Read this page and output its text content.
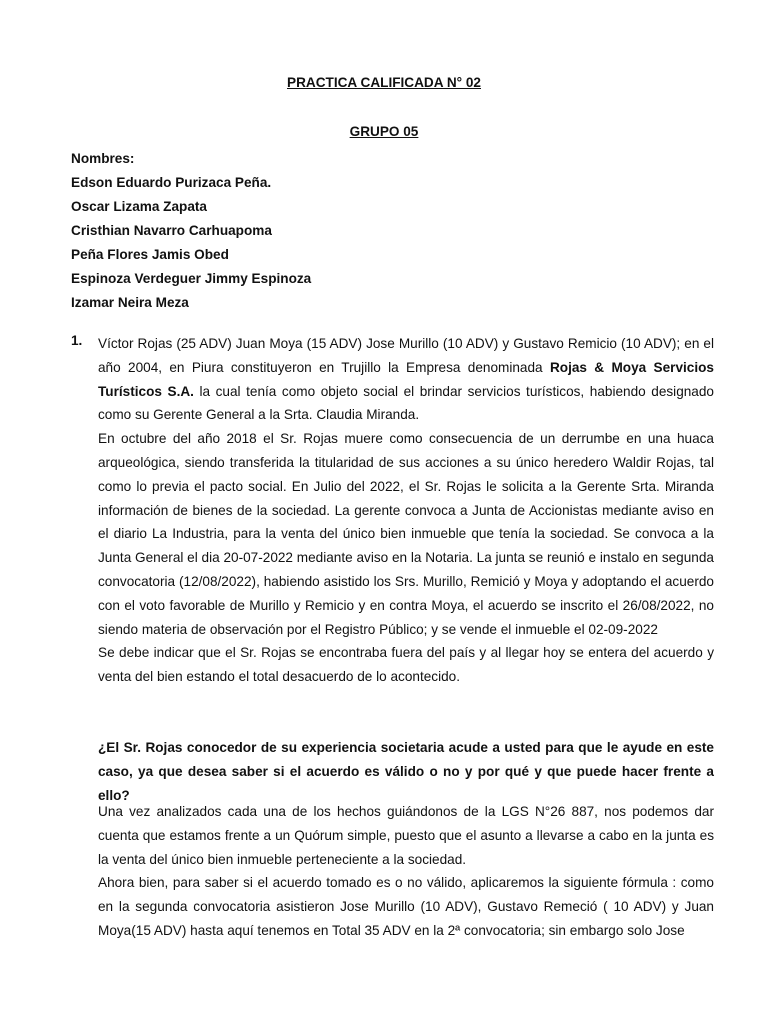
PRACTICA CALIFICADA N° 02
GRUPO 05
Nombres:
Edson Eduardo Purizaca Peña.
Oscar Lizama Zapata
Cristhian Navarro Carhuapoma
Peña Flores Jamis Obed
Espinoza Verdeguer Jimmy Espinoza
Izamar Neira Meza
1. Víctor Rojas (25 ADV) Juan Moya (15 ADV) Jose Murillo (10 ADV) y Gustavo Remicio (10 ADV); en el año 2004, en Piura constituyeron en Trujillo la Empresa denominada Rojas & Moya Servicios Turísticos S.A. la cual tenía como objeto social el brindar servicios turísticos, habiendo designado como su Gerente General a la Srta. Claudia Miranda.

En octubre del año 2018 el Sr. Rojas muere como consecuencia de un derrumbe en una huaca arqueológica, siendo transferida la titularidad de sus acciones a su único heredero Waldir Rojas, tal como lo previa el pacto social. En Julio del 2022, el Sr. Rojas le solicita a la Gerente Srta. Miranda información de bienes de la sociedad. La gerente convoca a Junta de Accionistas mediante aviso en el diario La Industria, para la venta del único bien inmueble que tenía la sociedad. Se convoca a la Junta General el dia 20-07-2022 mediante aviso en la Notaria. La junta se reunió e instalo en segunda convocatoria (12/08/2022), habiendo asistido los Srs. Murillo, Remició y Moya y adoptando el acuerdo con el voto favorable de Murillo y Remicio y en contra Moya, el acuerdo se inscrito el 26/08/2022, no siendo materia de observación por el Registro Público; y se vende el inmueble el 02-09-2022

Se debe indicar que el Sr. Rojas se encontraba fuera del país y al llegar hoy se entera del acuerdo y venta del bien estando el total desacuerdo de lo acontecido.

¿El Sr. Rojas conocedor de su experiencia societaria acude a usted para que le ayude en este caso, ya que desea saber si el acuerdo es válido o no y por qué y que puede hacer frente a ello?

Una vez analizados cada una de los hechos guiándonos de la LGS N°26 887, nos podemos dar cuenta que estamos frente a un Quórum simple, puesto que el asunto a llevarse a cabo en la junta es la venta del único bien inmueble perteneciente a la sociedad.

Ahora bien, para saber si el acuerdo tomado es o no válido, aplicaremos la siguiente fórmula : como en la segunda convocatoria asistieron Jose Murillo (10 ADV), Gustavo Remeció ( 10 ADV) y Juan Moya(15 ADV) hasta aquí tenemos en Total 35 ADV en la 2ª convocatoria; sin embargo solo Jose
